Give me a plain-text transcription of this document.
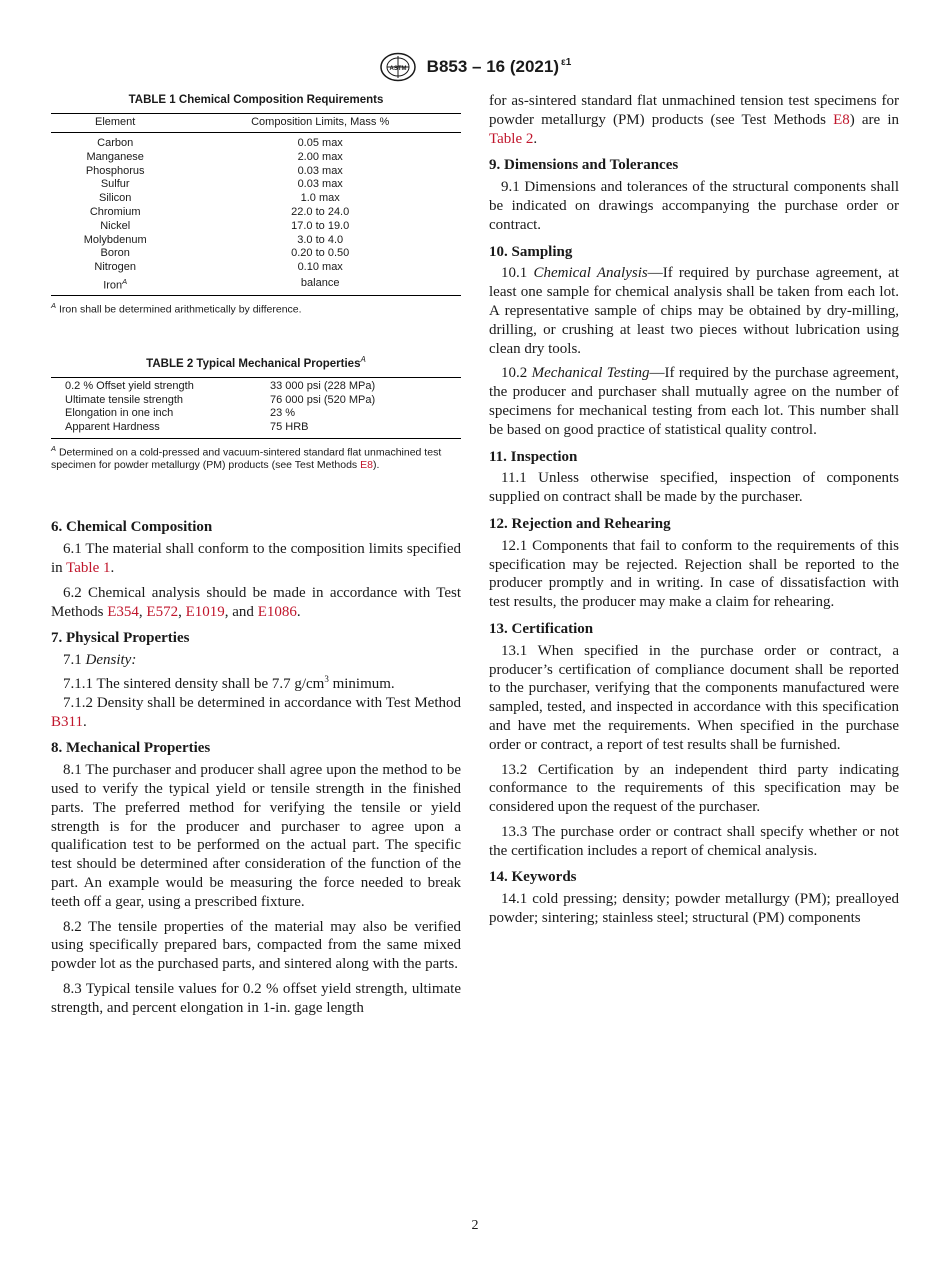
ASTM B853 – 16 (2021) $^{\varepsilon 1}$
TABLE 1 Chemical Composition Requirements
Element	Composition Limits, Mass %
Carbon	0.05 max
Manganese	2.00 max
Phosphorus	0.03 max
Sulfur	0.03 max
Silicon	1.0 max
Chromium	22.0 to 24.0
Nickel	17.0 to 19.0
Molybdenum	3.0 to 4.0
Boron	0.20 to 0.50
Nitrogen	0.10 max
Iron$^A$	balance
$^A$ Iron shall be determined arithmetically by difference.
TABLE 2 Typical Mechanical Properties$^A$
0.2 % Offset yield strength	33 000 psi (228 MPa)
Ultimate tensile strength	76 000 psi (520 MPa)
Elongation in one inch	23 %
Apparent Hardness	75 HRB
$^A$ Determined on a cold-pressed and vacuum-sintered standard flat unmachined test specimen for powder metallurgy (PM) products (see Test Methods E8).
6. Chemical Composition

6.1 The material shall conform to the composition limits specified in Table 1.

6.2 Chemical analysis should be made in accordance with Test Methods E354, E572, E1019, and E1086.

7. Physical Properties

7.1 Density:

7.1.1 The sintered density shall be 7.7 $g/cm^3$ minimum.

7.1.2 Density shall be determined in accordance with Test Method B311.

8. Mechanical Properties

8.1 The purchaser and producer shall agree upon the method to be used to verify the typical yield or tensile strength in the finished parts. The preferred method for verifying the tensile or yield strength is for the producer and purchaser to agree upon a qualification test to be performed on the actual part. The specific test should be determined after consideration of the function of the part. An example would be measuring the force needed to break teeth off a gear, using a prescribed fixture.

8.2 The tensile properties of the material may also be verified using specifically prepared bars, compacted from the same mixed powder lot as the purchased parts, and sintered along with the parts.

8.3 Typical tensile values for 0.2 % offset yield strength, ultimate strength, and percent elongation in 1-in. gage length

for as-sintered standard flat unmachined tension test specimens for powder metallurgy (PM) products (see Test Methods E8) are in Table 2.

9. Dimensions and Tolerances

9.1 Dimensions and tolerances of the structural components shall be indicated on drawings accompanying the purchase order or contract.

10. Sampling

10.1 Chemical Analysis—If required by purchase agreement, at least one sample for chemical analysis shall be taken from each lot. A representative sample of chips may be obtained by dry-milling, drilling, or crushing at least two pieces without lubrication using clean dry tools.

10.2 Mechanical Testing—If required by the purchase agreement, the producer and purchaser shall mutually agree on the number of specimens for mechanical testing from each lot. This number shall be based on good practice of statistical quality control.

11. Inspection

11.1 Unless otherwise specified, inspection of components supplied on contract shall be made by the purchaser.

12. Rejection and Rehearing

12.1 Components that fail to conform to the requirements of this specification may be rejected. Rejection shall be reported to the producer promptly and in writing. In case of dissatisfaction with test results, the producer may make a claim for rehearing.

13. Certification

13.1 When specified in the purchase order or contract, a producer’s certification of compliance document shall be reported to the purchaser, verifying that the components manufactured were sampled, tested, and inspected in accordance with this specification and have met the requirements. When specified in the purchase order or contract, a report of test results shall be furnished.

13.2 Certification by an independent third party indicating conformance to the requirements of this specification may be considered upon the request of the purchaser.

13.3 The purchase order or contract shall specify whether or not the certification includes a report of chemical analysis.

14. Keywords

14.1 cold pressing; density; powder metallurgy (PM); prealloyed powder; sintering; stainless steel; structural (PM) components

2
